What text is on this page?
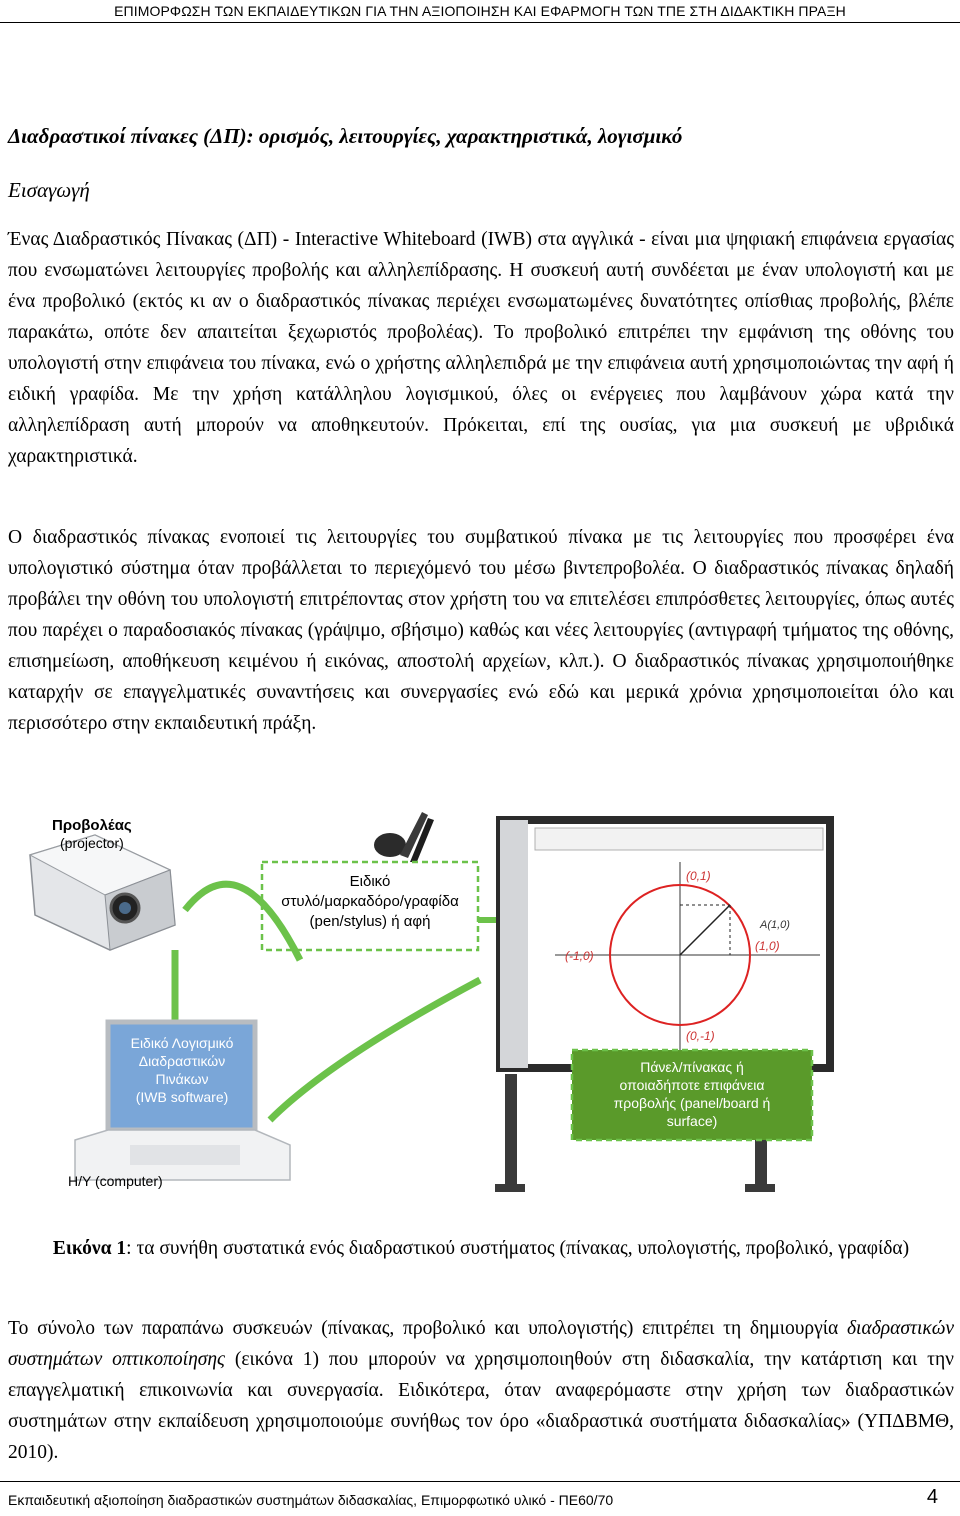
ΕΠΙΜΟΡΦΩΣΗ ΤΩΝ ΕΚΠΑΙΔΕΥΤΙΚΩΝ ΓΙΑ ΤΗΝ ΑΞΙΟΠΟΙΗΣΗ ΚΑΙ ΕΦΑΡΜΟΓΗ ΤΩΝ ΤΠΕ ΣΤΗ ΔΙΔΑΚΤΙΚΗ ΠΡΑΞΗ
Διαδραστικοί πίνακες (ΔΠ): ορισμός, λειτουργίες, χαρακτηριστικά, λογισμικό
Εισαγωγή
Ένας Διαδραστικός Πίνακας (ΔΠ) - Interactive Whiteboard (IWB) στα αγγλικά - είναι μια ψηφιακή επιφάνεια εργασίας που ενσωματώνει λειτουργίες προβολής και αλληλεπίδρασης. Η συσκευή αυτή συνδέεται με έναν υπολογιστή και με ένα προβολικό (εκτός κι αν ο διαδραστικός πίνακας περιέχει ενσωματωμένες δυνατότητες οπίσθιας προβολής, βλέπε παρακάτω, οπότε δεν απαιτείται ξεχωριστός προβολέας). Το προβολικό επιτρέπει την εμφάνιση της οθόνης του υπολογιστή στην επιφάνεια του πίνακα, ενώ ο χρήστης αλληλεπιδρά με την επιφάνεια αυτή χρησιμοποιώντας την αφή ή ειδική γραφίδα. Με την χρήση κατάλληλου λογισμικού, όλες οι ενέργειες που λαμβάνουν χώρα κατά την αλληλεπίδραση αυτή μπορούν να αποθηκευτούν. Πρόκειται, επί της ουσίας, για μια συσκευή με υβριδικά χαρακτηριστικά.
Ο διαδραστικός πίνακας ενοποιεί τις λειτουργίες του συμβατικού πίνακα με τις λειτουργίες που προσφέρει ένα υπολογιστικό σύστημα όταν προβάλλεται το περιεχόμενό του μέσω βιντεπροβολέα. Ο διαδραστικός πίνακας δηλαδή προβάλει την οθόνη του υπολογιστή επιτρέποντας στον χρήστη του να επιτελέσει επιπρόσθετες λειτουργίες, όπως αυτές που παρέχει ο παραδοσιακός πίνακας (γράψιμο, σβήσιμο) καθώς και νέες λειτουργίες (αντιγραφή τμήματος της οθόνης, επισημείωση, αποθήκευση κειμένου ή εικόνας, αποστολή αρχείων, κλπ.). Ο διαδραστικός πίνακας χρησιμοποιήθηκε καταρχήν σε επαγγελματικές συναντήσεις και συνεργασίες ενώ εδώ και μερικά χρόνια χρησιμοποιείται όλο και περισσότερο στην εκπαιδευτική πράξη.
Εικόνα 1: τα συνήθη συστατικά ενός διαδραστικού συστήματος (πίνακας, υπολογιστής, προβολικό, γραφίδα)
Το σύνολο των παραπάνω συσκευών (πίνακας, προβολικό και υπολογιστής) επιτρέπει τη δημιουργία διαδραστικών συστημάτων οπτικοποίησης (εικόνα 1) που μπορούν να χρησιμοποιηθούν στη διδασκαλία, την κατάρτιση και την επαγγελματική επικοινωνία και συνεργασία. Ειδικότερα, όταν αναφερόμαστε στην χρήση των διαδραστικών συστημάτων στην εκπαίδευση χρησιμοποιούμε συνήθως τον όρο «διαδραστικά συστήματα διδασκαλίας» (ΥΠΔΒΜΘ, 2010).
Προβολέας
(projector)
Ειδικό
στυλό/μαρκαδόρο/γραφίδα
(pen/stylus) ή αφή
Ειδικό Λογισμικό
Διαδραστικών
Πινάκων
(IWB software)
Η/Υ (computer)
(-1,0)
(0,-1)
(0,1)
(1,0)
A(1,0)
Πάνελ/πίνακας ή
οποιαδήποτε επιφάνεια
προβολής (panel/board ή
surface)
Εκπαιδευτική αξιοποίηση διαδραστικών συστημάτων διδασκαλίας, Επιμορφωτικό υλικό - ΠΕ60/70	4
